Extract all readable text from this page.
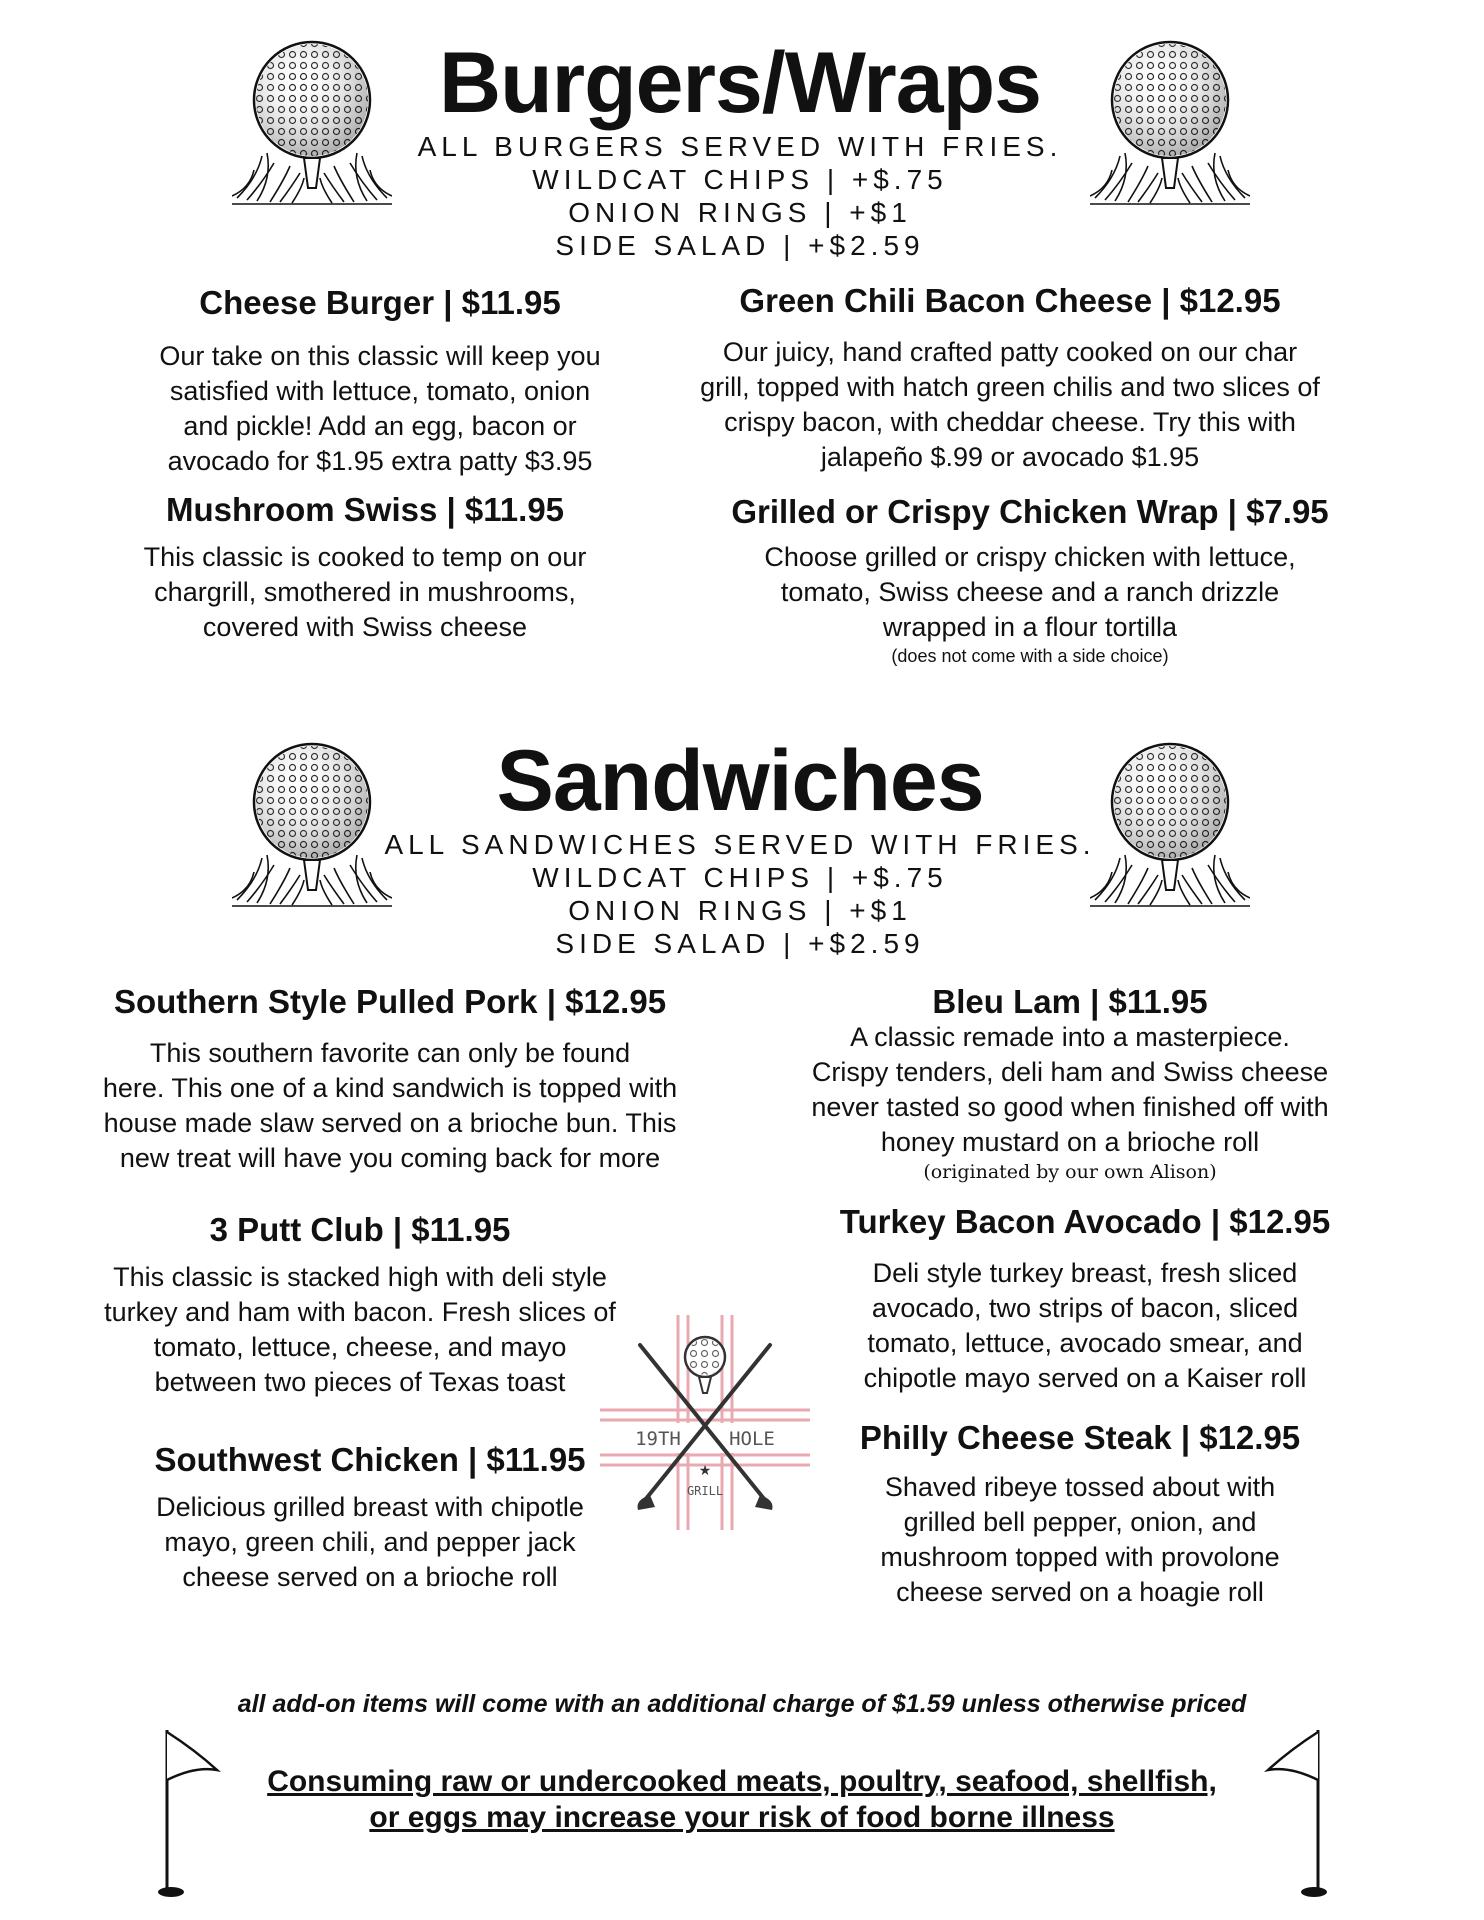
Burgers/Wraps
ALL BURGERS SERVED WITH FRIES.
WILDCAT CHIPS | +$.75
ONION RINGS | +$1
SIDE SALAD | +$2.59
Cheese Burger | $11.95
Our take on this classic will keep you
satisfied with lettuce, tomato, onion
and pickle! Add an egg, bacon or
avocado for $1.95 extra patty $3.95
Green Chili Bacon Cheese | $12.95
Our juicy, hand crafted patty cooked on our char
grill, topped with hatch green chilis and two slices of
crispy bacon, with cheddar cheese. Try this with
jalapeño $.99 or avocado $1.95
Mushroom Swiss | $11.95
This classic is cooked to temp on our
chargrill, smothered in mushrooms,
covered with Swiss cheese
Grilled or Crispy Chicken Wrap | $7.95
Choose grilled or crispy chicken with lettuce,
tomato, Swiss cheese and a ranch drizzle
wrapped in a flour tortilla
(does not come with a side choice)
Sandwiches
ALL SANDWICHES SERVED WITH FRIES.
WILDCAT CHIPS | +$.75
ONION RINGS | +$1
SIDE SALAD | +$2.59
Southern Style Pulled Pork | $12.95
This southern favorite can only be found
here. This one of a kind sandwich is topped with
house made slaw served on a brioche bun. This
new treat will have you coming back for more
Bleu Lam | $11.95
A classic remade into a masterpiece.
Crispy tenders, deli ham and Swiss cheese
never tasted so good when finished off with
honey mustard on a brioche roll
(originated by our own Alison)
3 Putt Club | $11.95
This classic is stacked high with deli style
turkey and ham with bacon. Fresh slices of
tomato, lettuce, cheese, and mayo
between two pieces of Texas toast
Turkey Bacon Avocado | $12.95
Deli style turkey breast, fresh sliced
avocado, two strips of bacon, sliced
tomato, lettuce, avocado smear, and
chipotle mayo served on a Kaiser roll
Southwest Chicken | $11.95
Delicious grilled breast with chipotle
mayo, green chili, and pepper jack
cheese served on a brioche roll
Philly Cheese Steak | $12.95
Shaved ribeye tossed about with
grilled bell pepper, onion, and
mushroom topped with provolone
cheese served on a hoagie roll
19TH	HOLE
★
GRILL
all add-on items will come with an additional charge of $1.59 unless otherwise priced
Consuming raw or undercooked meats, poultry, seafood, shellfish,
or eggs may increase your risk of food borne illness
